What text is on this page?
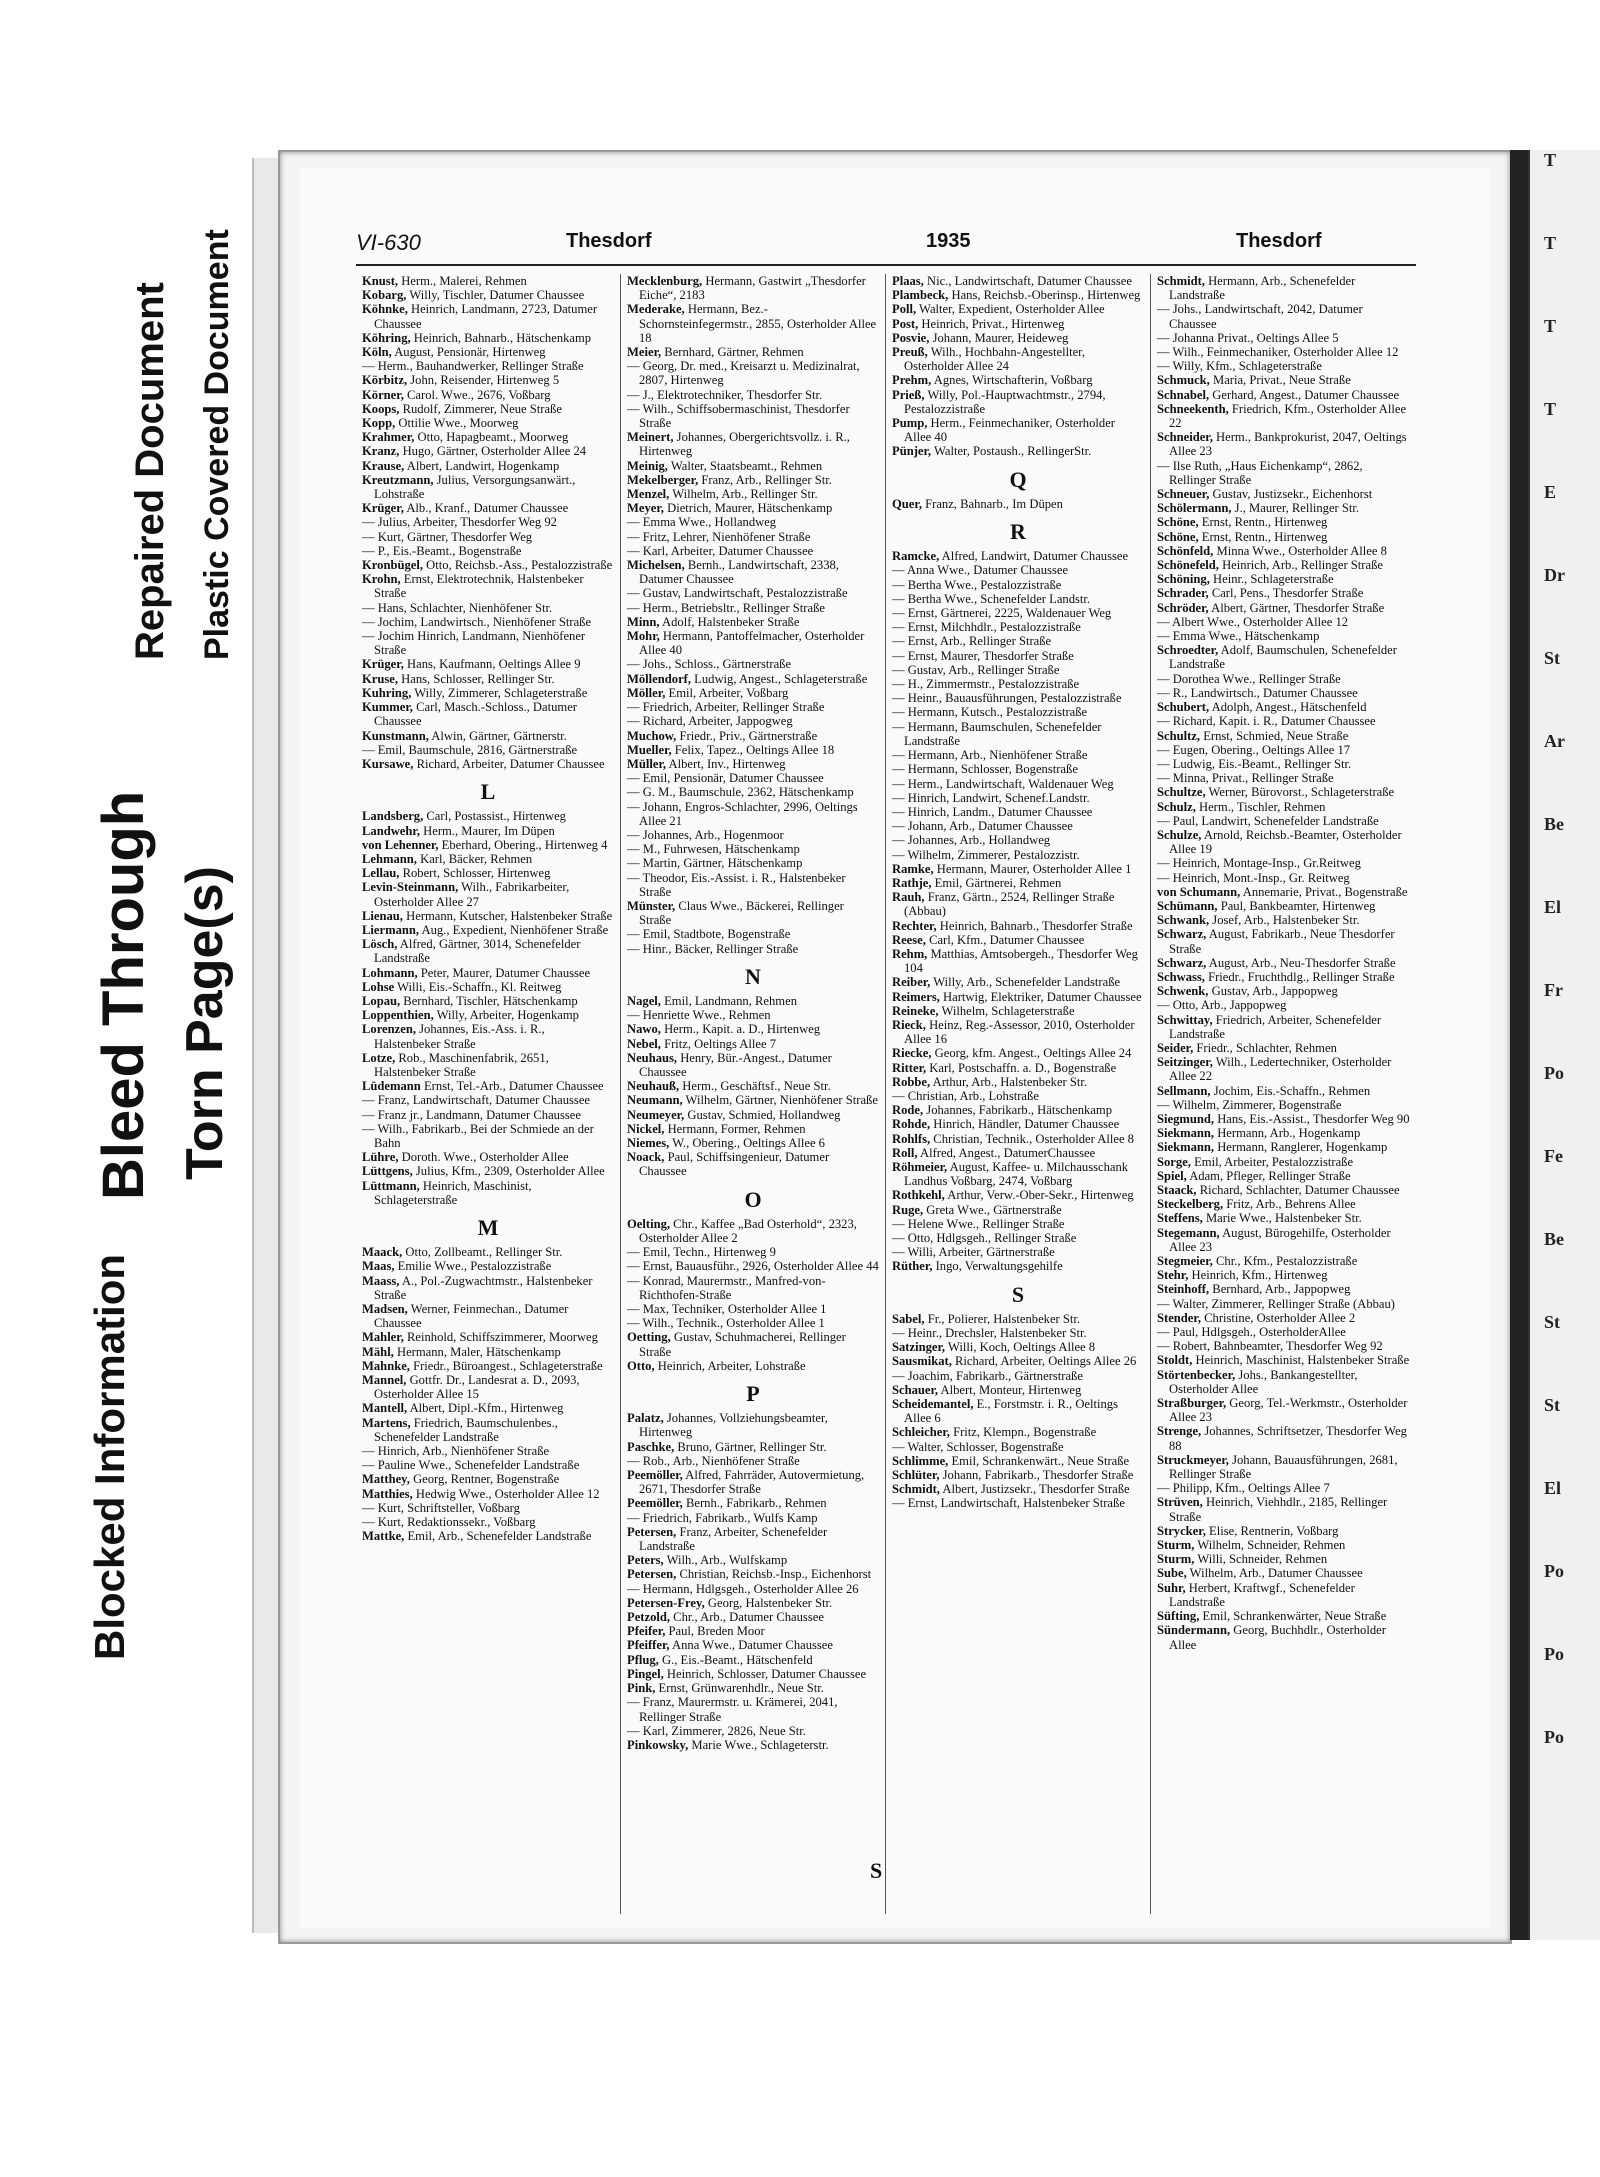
Bleed Through
Blocked Information
Repaired Document
Torn Page(s)
Plastic Covered Document	VI-630	Thesdorf	1935	Thesdorf

Knust, Herm., Malerei, Rehmen

Kobarg, Willy, Tischler, Datumer Chaussee

Köhnke, Heinrich, Landmann, 2723, Datumer Chaussee

Köhring, Heinrich, Bahnarb., Hätschenkamp

Köln, August, Pensionär, Hirtenweg

— Herm., Bauhandwerker, Rellinger Straße

Körbitz, John, Reisender, Hirtenweg 5

Körner, Carol. Wwe., 2676, Voßbarg

Koops, Rudolf, Zimmerer, Neue Straße

Kopp, Ottilie Wwe., Moorweg

Krahmer, Otto, Hapagbeamt., Moorweg

Kranz, Hugo, Gärtner, Osterholder Allee 24

Krause, Albert, Landwirt, Hogenkamp

Kreutzmann, Julius, Versorgungsanwärt., Lohstraße

Krüger, Alb., Kranf., Datumer Chaussee

— Julius, Arbeiter, Thesdorfer Weg 92

— Kurt, Gärtner, Thesdorfer Weg

— P., Eis.-Beamt., Bogenstraße

Kronbügel, Otto, Reichsb.-Ass., Pestalozzistraße

Krohn, Ernst, Elektrotechnik, Halstenbeker Straße

— Hans, Schlachter, Nienhöfener Str.

— Jochim, Landwirtsch., Nienhöfener Straße

— Jochim Hinrich, Landmann, Nienhöfener Straße

Krüger, Hans, Kaufmann, Oeltings Allee 9

Kruse, Hans, Schlosser, Rellinger Str.

Kuhring, Willy, Zimmerer, Schlageterstraße

Kummer, Carl, Masch.-Schloss., Datumer Chaussee

Kunstmann, Alwin, Gärtner, Gärtnerstr.

— Emil, Baumschule, 2816, Gärtnerstraße

Kursawe, Richard, Arbeiter, Datumer Chaussee

L

Landsberg, Carl, Postassist., Hirtenweg

Landwehr, Herm., Maurer, Im Düpen

von Lehenner, Eberhard, Obering., Hirtenweg 4

Lehmann, Karl, Bäcker, Rehmen

Lellau, Robert, Schlosser, Hirtenweg

Levin-Steinmann, Wilh., Fabrikarbeiter, Osterholder Allee 27

Lienau, Hermann, Kutscher, Halstenbeker Straße

Liermann, Aug., Expedient, Nienhöfener Straße

Lösch, Alfred, Gärtner, 3014, Schenefelder Landstraße

Lohmann, Peter, Maurer, Datumer Chaussee

Lohse Willi, Eis.-Schaffn., Kl. Reitweg

Lopau, Bernhard, Tischler, Hätschenkamp

Loppenthien, Willy, Arbeiter, Hogenkamp

Lorenzen, Johannes, Eis.-Ass. i. R., Halstenbeker Straße

Lotze, Rob., Maschinenfabrik, 2651, Halstenbeker Straße

Lüdemann Ernst, Tel.-Arb., Datumer Chaussee

— Franz, Landwirtschaft, Datumer Chaussee

— Franz jr., Landmann, Datumer Chaussee

— Wilh., Fabrikarb., Bei der Schmiede an der Bahn

Lühre, Doroth. Wwe., Osterholder Allee

Lüttgens, Julius, Kfm., 2309, Osterholder Allee

Lüttmann, Heinrich, Maschinist, Schlageterstraße

M

Maack, Otto, Zollbeamt., Rellinger Str.

Maas, Emilie Wwe., Pestalozzistraße

Maass, A., Pol.-Zugwachtmstr., Halstenbeker Straße

Madsen, Werner, Feinmechan., Datumer Chaussee

Mahler, Reinhold, Schiffszimmerer, Moorweg

Mähl, Hermann, Maler, Hätschenkamp

Mahnke, Friedr., Büroangest., Schlageterstraße

Mannel, Gottfr. Dr., Landesrat a. D., 2093, Osterholder Allee 15

Mantell, Albert, Dipl.-Kfm., Hirtenweg

Martens, Friedrich, Baumschulenbes., Schenefelder Landstraße

— Hinrich, Arb., Nienhöfener Straße

— Pauline Wwe., Schenefelder Landstraße

Matthey, Georg, Rentner, Bogenstraße

Matthies, Hedwig Wwe., Osterholder Allee 12

— Kurt, Schriftsteller, Voßbarg

— Kurt, Redaktionssekr., Voßbarg

Mattke, Emil, Arb., Schenefelder Landstraße

Mecklenburg, Hermann, Gastwirt „Thesdorfer Eiche“, 2183

Mederake, Hermann, Bez.-Schornsteinfegermstr., 2855, Osterholder Allee 18

Meier, Bernhard, Gärtner, Rehmen

— Georg, Dr. med., Kreisarzt u. Medizinalrat, 2807, Hirtenweg

— J., Elektrotechniker, Thesdorfer Str.

— Wilh., Schiffsobermaschinist, Thesdorfer Straße

Meinert, Johannes, Obergerichtsvollz. i. R., Hirtenweg

Meinig, Walter, Staatsbeamt., Rehmen

Mekelberger, Franz, Arb., Rellinger Str.

Menzel, Wilhelm, Arb., Rellinger Str.

Meyer, Dietrich, Maurer, Hätschenkamp

— Emma Wwe., Hollandweg

— Fritz, Lehrer, Nienhöfener Straße

— Karl, Arbeiter, Datumer Chaussee

Michelsen, Bernh., Landwirtschaft, 2338, Datumer Chaussee

— Gustav, Landwirtschaft, Pestalozzistraße

— Herm., Betriebsltr., Rellinger Straße

Minn, Adolf, Halstenbeker Straße

Mohr, Hermann, Pantoffelmacher, Osterholder Allee 40

— Johs., Schloss., Gärtnerstraße

Möllendorf, Ludwig, Angest., Schlageterstraße

Möller, Emil, Arbeiter, Voßbarg

— Friedrich, Arbeiter, Rellinger Straße

— Richard, Arbeiter, Jappogweg

Muchow, Friedr., Priv., Gärtnerstraße

Mueller, Felix, Tapez., Oeltings Allee 18

Müller, Albert, Inv., Hirtenweg

— Emil, Pensionär, Datumer Chaussee

— G. M., Baumschule, 2362, Hätschenkamp

— Johann, Engros-Schlachter, 2996, Oeltings Allee 21

— Johannes, Arb., Hogenmoor

— M., Fuhrwesen, Hätschenkamp

— Martin, Gärtner, Hätschenkamp

— Theodor, Eis.-Assist. i. R., Halstenbeker Straße

Münster, Claus Wwe., Bäckerei, Rellinger Straße

— Emil, Stadtbote, Bogenstraße

— Hinr., Bäcker, Rellinger Straße

N

Nagel, Emil, Landmann, Rehmen

— Henriette Wwe., Rehmen

Nawo, Herm., Kapit. a. D., Hirtenweg

Nebel, Fritz, Oeltings Allee 7

Neuhaus, Henry, Bür.-Angest., Datumer Chaussee

Neuhauß, Herm., Geschäftsf., Neue Str.

Neumann, Wilhelm, Gärtner, Nienhöfener Straße

Neumeyer, Gustav, Schmied, Hollandweg

Nickel, Hermann, Former, Rehmen

Niemes, W., Obering., Oeltings Allee 6

Noack, Paul, Schiffsingenieur, Datumer Chaussee

O

Oelting, Chr., Kaffee „Bad Osterhold“, 2323, Osterholder Allee 2

— Emil, Techn., Hirtenweg 9

— Ernst, Bauausführ., 2926, Osterholder Allee 44

— Konrad, Maurermstr., Manfred-von-Richthofen-Straße

— Max, Techniker, Osterholder Allee 1

— Wilh., Technik., Osterholder Allee 1

Oetting, Gustav, Schuhmacherei, Rellinger Straße

Otto, Heinrich, Arbeiter, Lohstraße

P

Palatz, Johannes, Vollziehungsbeamter, Hirtenweg

Paschke, Bruno, Gärtner, Rellinger Str.

— Rob., Arb., Nienhöfener Straße

Peemöller, Alfred, Fahrräder, Autovermietung, 2671, Thesdorfer Straße

Peemöller, Bernh., Fabrikarb., Rehmen

— Friedrich, Fabrikarb., Wulfs Kamp

Petersen, Franz, Arbeiter, Schenefelder Landstraße

Peters, Wilh., Arb., Wulfskamp

Petersen, Christian, Reichsb.-Insp., Eichenhorst

— Hermann, Hdlgsgeh., Osterholder Allee 26

Petersen-Frey, Georg, Halstenbeker Str.

Petzold, Chr., Arb., Datumer Chaussee

Pfeifer, Paul, Breden Moor

Pfeiffer, Anna Wwe., Datumer Chaussee

Pflug, G., Eis.-Beamt., Hätschenfeld

Pingel, Heinrich, Schlosser, Datumer Chaussee

Pink, Ernst, Grünwarenhdlr., Neue Str.

— Franz, Maurermstr. u. Krämerei, 2041, Rellinger Straße

— Karl, Zimmerer, 2826, Neue Str.

Pinkowsky, Marie Wwe., Schlageterstr.

Plaas, Nic., Landwirtschaft, Datumer Chaussee

Plambeck, Hans, Reichsb.-Oberinsp., Hirtenweg

Poll, Walter, Expedient, Osterholder Allee

Post, Heinrich, Privat., Hirtenweg

Posvie, Johann, Maurer, Heideweg

Preuß, Wilh., Hochbahn-Angestellter, Osterholder Allee 24

Prehm, Agnes, Wirtschafterin, Voßbarg

Prieß, Willy, Pol.-Hauptwachtmstr., 2794, Pestalozzistraße

Pump, Herm., Feinmechaniker, Osterholder Allee 40

Pünjer, Walter, Postaush., RellingerStr.

Q

Quer, Franz, Bahnarb., Im Düpen

R

Ramcke, Alfred, Landwirt, Datumer Chaussee

— Anna Wwe., Datumer Chaussee

— Bertha Wwe., Pestalozzistraße

— Bertha Wwe., Schenefelder Landstr.

— Ernst, Gärtnerei, 2225, Waldenauer Weg

— Ernst, Milchhdlr., Pestalozzistraße

— Ernst, Arb., Rellinger Straße

— Ernst, Maurer, Thesdorfer Straße

— Gustav, Arb., Rellinger Straße

— H., Zimmermstr., Pestalozzistraße

— Heinr., Bauausführungen, Pestalozzistraße

— Hermann, Kutsch., Pestalozzistraße

— Hermann, Baumschulen, Schenefelder Landstraße

— Hermann, Arb., Nienhöfener Straße

— Hermann, Schlosser, Bogenstraße

— Herm., Landwirtschaft, Waldenauer Weg

— Hinrich, Landwirt, Schenef.Landstr.

— Hinrich, Landm., Datumer Chaussee

— Johann, Arb., Datumer Chaussee

— Johannes, Arb., Hollandweg

— Wilhelm, Zimmerer, Pestalozzistr.

Ramke, Hermann, Maurer, Osterholder Allee 1

Rathje, Emil, Gärtnerei, Rehmen

Rauh, Franz, Gärtn., 2524, Rellinger Straße (Abbau)

Rechter, Heinrich, Bahnarb., Thesdorfer Straße

Reese, Carl, Kfm., Datumer Chaussee

Rehm, Matthias, Amtsobergeh., Thesdorfer Weg 104

Reiber, Willy, Arb., Schenefelder Landstraße

Reimers, Hartwig, Elektriker, Datumer Chaussee

Reineke, Wilhelm, Schlageterstraße

Rieck, Heinz, Reg.-Assessor, 2010, Osterholder Allee 16

Riecke, Georg, kfm. Angest., Oeltings Allee 24

Ritter, Karl, Postschaffn. a. D., Bogenstraße

Robbe, Arthur, Arb., Halstenbeker Str.

— Christian, Arb., Lohstraße

Rode, Johannes, Fabrikarb., Hätschenkamp

Rohde, Hinrich, Händler, Datumer Chaussee

Rohlfs, Christian, Technik., Osterholder Allee 8

Roll, Alfred, Angest., DatumerChaussee

Röhmeier, August, Kaffee- u. Milchausschank Landhus Voßbarg, 2474, Voßbarg

Rothkehl, Arthur, Verw.-Ober-Sekr., Hirtenweg

Ruge, Greta Wwe., Gärtnerstraße

— Helene Wwe., Rellinger Straße

— Otto, Hdlgsgeh., Rellinger Straße

— Willi, Arbeiter, Gärtnerstraße

Rüther, Ingo, Verwaltungsgehilfe

S

Sabel, Fr., Polierer, Halstenbeker Str.

— Heinr., Drechsler, Halstenbeker Str.

Satzinger, Willi, Koch, Oeltings Allee 8

Sausmikat, Richard, Arbeiter, Oeltings Allee 26

— Joachim, Fabrikarb., Gärtnerstraße

Schauer, Albert, Monteur, Hirtenweg

Scheidemantel, E., Forstmstr. i. R., Oeltings Allee 6

Schleicher, Fritz, Klempn., Bogenstraße

— Walter, Schlosser, Bogenstraße

Schlimme, Emil, Schrankenwärt., Neue Straße

Schlüter, Johann, Fabrikarb., Thesdorfer Straße

Schmidt, Albert, Justizsekr., Thesdorfer Straße

— Ernst, Landwirtschaft, Halstenbeker Straße

Schmidt, Hermann, Arb., Schenefelder Landstraße

— Johs., Landwirtschaft, 2042, Datumer Chaussee

— Johanna Privat., Oeltings Allee 5

— Wilh., Feinmechaniker, Osterholder Allee 12

— Willy, Kfm., Schlageterstraße

Schmuck, Maria, Privat., Neue Straße

Schnabel, Gerhard, Angest., Datumer Chaussee

Schneekenth, Friedrich, Kfm., Osterholder Allee 22

Schneider, Herm., Bankprokurist, 2047, Oeltings Allee 23

— Ilse Ruth, „Haus Eichenkamp“, 2862, Rellinger Straße

Schneuer, Gustav, Justizsekr., Eichenhorst

Schölermann, J., Maurer, Rellinger Str.

Schöne, Ernst, Rentn., Hirtenweg

Schöne, Ernst, Rentn., Hirtenweg

Schönfeld, Minna Wwe., Osterholder Allee 8

Schönefeld, Heinrich, Arb., Rellinger Straße

Schöning, Heinr., Schlageterstraße

Schrader, Carl, Pens., Thesdorfer Straße

Schröder, Albert, Gärtner, Thesdorfer Straße

— Albert Wwe., Osterholder Allee 12

— Emma Wwe., Hätschenkamp

Schroedter, Adolf, Baumschulen, Schenefelder Landstraße

— Dorothea Wwe., Rellinger Straße

— R., Landwirtsch., Datumer Chaussee

Schubert, Adolph, Angest., Hätschenfeld

— Richard, Kapit. i. R., Datumer Chaussee

Schultz, Ernst, Schmied, Neue Straße

— Eugen, Obering., Oeltings Allee 17

— Ludwig, Eis.-Beamt., Rellinger Str.

— Minna, Privat., Rellinger Straße

Schultze, Werner, Bürovorst., Schlageterstraße

Schulz, Herm., Tischler, Rehmen

— Paul, Landwirt, Schenefelder Landstraße

Schulze, Arnold, Reichsb.-Beamter, Osterholder Allee 19

— Heinrich, Montage-Insp., Gr.Reitweg

— Heinrich, Mont.-Insp., Gr. Reitweg

von Schumann, Annemarie, Privat., Bogenstraße

Schümann, Paul, Bankbeamter, Hirtenweg

Schwank, Josef, Arb., Halstenbeker Str.

Schwarz, August, Fabrikarb., Neue Thesdorfer Straße

Schwarz, August, Arb., Neu-Thesdorfer Straße

Schwass, Friedr., Fruchthdlg., Rellinger Straße

Schwenk, Gustav, Arb., Jappopweg

— Otto, Arb., Jappopweg

Schwittay, Friedrich, Arbeiter, Schenefelder Landstraße

Seider, Friedr., Schlachter, Rehmen

Seitzinger, Wilh., Ledertechniker, Osterholder Allee 22

Sellmann, Jochim, Eis.-Schaffn., Rehmen

— Wilhelm, Zimmerer, Bogenstraße

Siegmund, Hans, Eis.-Assist., Thesdorfer Weg 90

Siekmann, Hermann, Arb., Hogenkamp

Siekmann, Hermann, Ranglerer, Hogenkamp

Sorge, Emil, Arbeiter, Pestalozzistraße

Spiel, Adam, Pfleger, Rellinger Straße

Staack, Richard, Schlachter, Datumer Chaussee

Steckelberg, Fritz, Arb., Behrens Allee

Steffens, Marie Wwe., Halstenbeker Str.

Stegemann, August, Bürogehilfe, Osterholder Allee 23

Stegmeier, Chr., Kfm., Pestalozzistraße

Stehr, Heinrich, Kfm., Hirtenweg

Steinhoff, Bernhard, Arb., Jappopweg

— Walter, Zimmerer, Rellinger Straße (Abbau)

Stender, Christine, Osterholder Allee 2

— Paul, Hdlgsgeh., OsterholderAllee

— Robert, Bahnbeamter, Thesdorfer Weg 92

Stoldt, Heinrich, Maschinist, Halstenbeker Straße

Störtenbecker, Johs., Bankangestellter, Osterholder Allee

Straßburger, Georg, Tel.-Werkmstr., Osterholder Allee 23

Strenge, Johannes, Schriftsetzer, Thesdorfer Weg 88

Struckmeyer, Johann, Bauausführungen, 2681, Rellinger Straße

— Philipp, Kfm., Oeltings Allee 7

Strüven, Heinrich, Viehhdlr., 2185, Rellinger Straße

Strycker, Elise, Rentnerin, Voßbarg

Sturm, Wilhelm, Schneider, Rehmen

Sturm, Willi, Schneider, Rehmen

Sube, Wilhelm, Arb., Datumer Chaussee

Suhr, Herbert, Kraftwgf., Schenefelder Landstraße

Süfting, Emil, Schrankenwärter, Neue Straße

Sündermann, Georg, Buchhdlr., Osterholder Allee

S
T
T
T
T
E
Dr
St
Ar
Be
El
Fr
Po
Fe
Be
St
St
El
Po
Po
Po
